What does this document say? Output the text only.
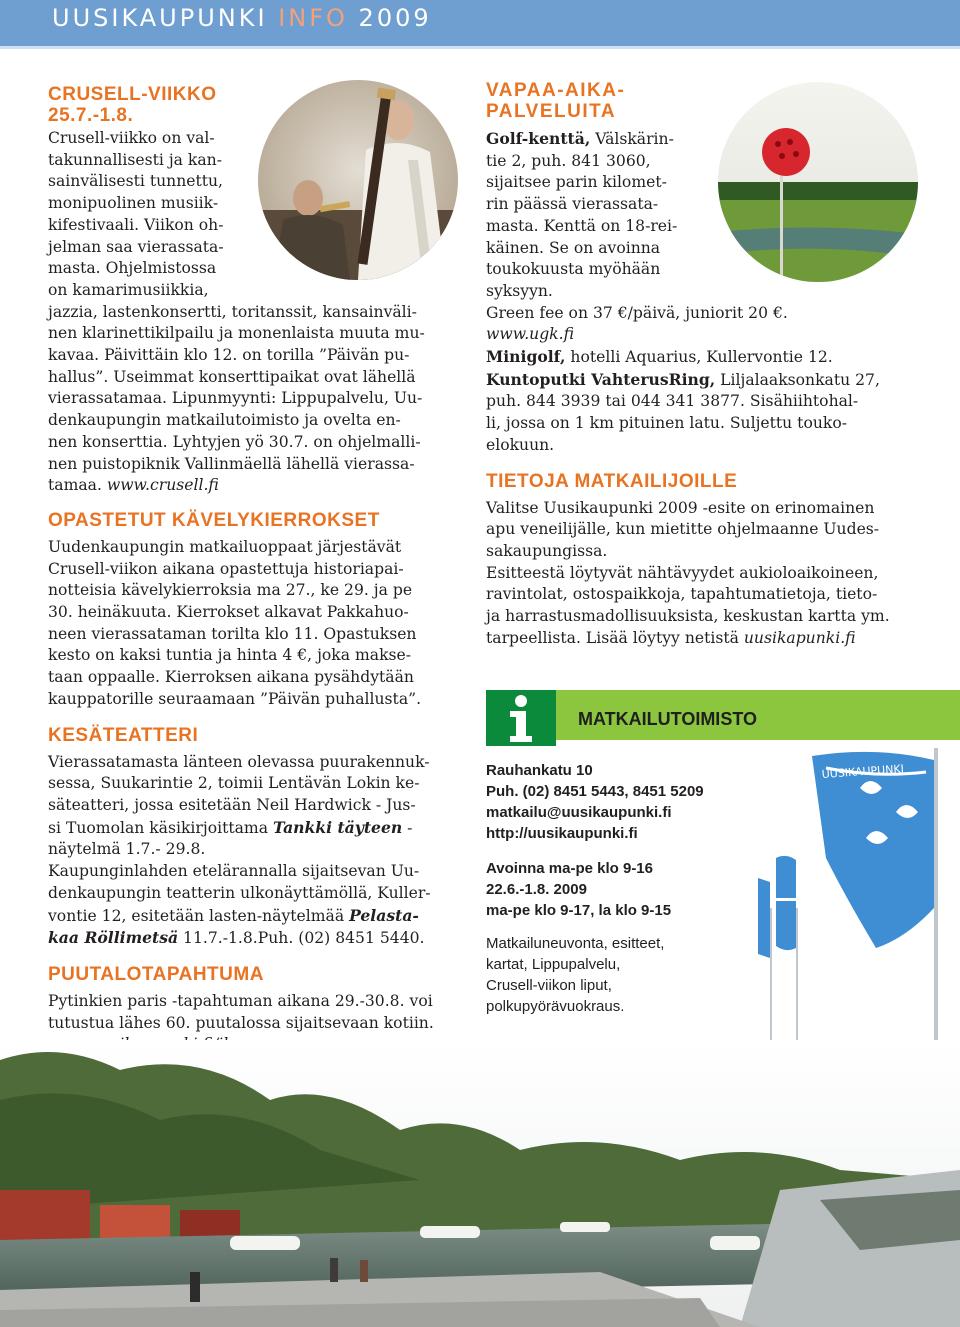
UUSIKAUPUNKI INFO 2009
CRUSELL-VIIKKO
25.7.-1.8.
Crusell-viikko on val-
takunnallisesti ja kan-
sainvälisesti tunnettu,
monipuolinen musiik-
kifestivaali. Viikon oh-
jelman saa vierassata-
masta. Ohjelmistossa
on kamarimusiikkia,
jazzia, lastenkonsertti, toritanssit, kansainväli-
nen klarinettikilpailu ja monenlaista muuta mu-
kavaa. Päivittäin klo 12. on torilla ”Päivän pu-
hallus”. Useimmat konserttipaikat ovat lähellä
vierassatamaa. Lipunmyynti: Lippupalvelu, Uu-
denkaupungin matkailutoimisto ja ovelta en-
nen konserttia. Lyhtyjen yö 30.7. on ohjelmalli-
nen puistopiknik Vallinmäellä lähellä vierassa-
tamaa. www.crusell.fi
OPASTETUT KÄVELYKIERROKSET
Uudenkaupungin matkailuoppaat järjestävät
Crusell-viikon aikana opastettuja historiapai-
notteisia kävelykierroksia ma 27., ke 29. ja pe
30. heinäkuuta. Kierrokset alkavat Pakkahuo-
neen vierassataman torilta klo 11. Opastuksen
kesto on kaksi tuntia ja hinta 4 €, joka makse-
taan oppaalle. Kierroksen aikana pysähdytään
kauppatorille seuraamaan ”Päivän puhallusta”.
KESÄTEATTERI
Vierassatamasta länteen olevassa puurakennuk-
sessa, Suukarintie 2, toimii Lentävän Lokin ke-
säteatteri, jossa esitetään Neil Hardwick - Jus-
si Tuomolan käsikirjoittama Tankki täyteen -
näytelmä 1.7.- 29.8.
Kaupunginlahden etelärannalla sijaitsevan Uu-
denkaupungin teatterin ulkonäyttämöllä, Kuller-
vontie 12, esitetään lasten-näytelmää Pelasta-
kaa Röllimetsä 11.7.-1.8.Puh. (02) 8451 5440.
PUUTALOTAPAHTUMA
Pytinkien paris -tapahtuman aikana 29.-30.8. voi
tutustua lähes 60. puutalossa sijaitsevaan kotiin.
VAPAA-AIKA-
PALVELUITA
Golf-kenttä, Välskärin-
tie 2, puh. 841 3060,
sijaitsee parin kilomet-
rin päässä vierassata-
masta. Kenttä on 18-rei-
käinen. Se on avoinna
toukokuusta myöhään
syksyyn.
Green fee on 37 €/päivä, juniorit 20 €.
www.ugk.fi
Minigolf, hotelli Aquarius, Kullervontie 12.
Kuntoputki VahterusRing, Liljalaaksonkatu 27,
puh. 844 3939 tai 044 341 3877. Sisähiihtohal-
li, jossa on 1 km pituinen latu. Suljettu touko-
elokuun.
TIETOJA MATKAILIJOILLE
Valitse Uusikaupunki 2009 -esite on erinomainen
apu veneilijälle, kun mietitte ohjelmaanne Uudes-
sakaupungissa.
Esitteestä löytyvät nähtävyydet aukioloaikoineen,
ravintolat, ostospaikkoja, tapahtumatietoja, tieto-
ja harrastusmadollisuuksista, keskustan kartta ym.
tarpeellista. Lisää löytyy netistä uusikapunki.fi
MATKAILUTOIMISTO
Rauhankatu 10
Puh. (02) 8451 5443, 8451 5209
matkailu@uusikaupunki.fi
http://uusikaupunki.fi
Avoinna ma-pe klo 9-16
22.6.-1.8. 2009
ma-pe klo 9-17, la klo 9-15
Matkailuneuvonta, esitteet,
kartat, Lippupalvelu,
Crusell-viikon liput,
polkupyörävuokraus.
UUSIKAUPUNKI
